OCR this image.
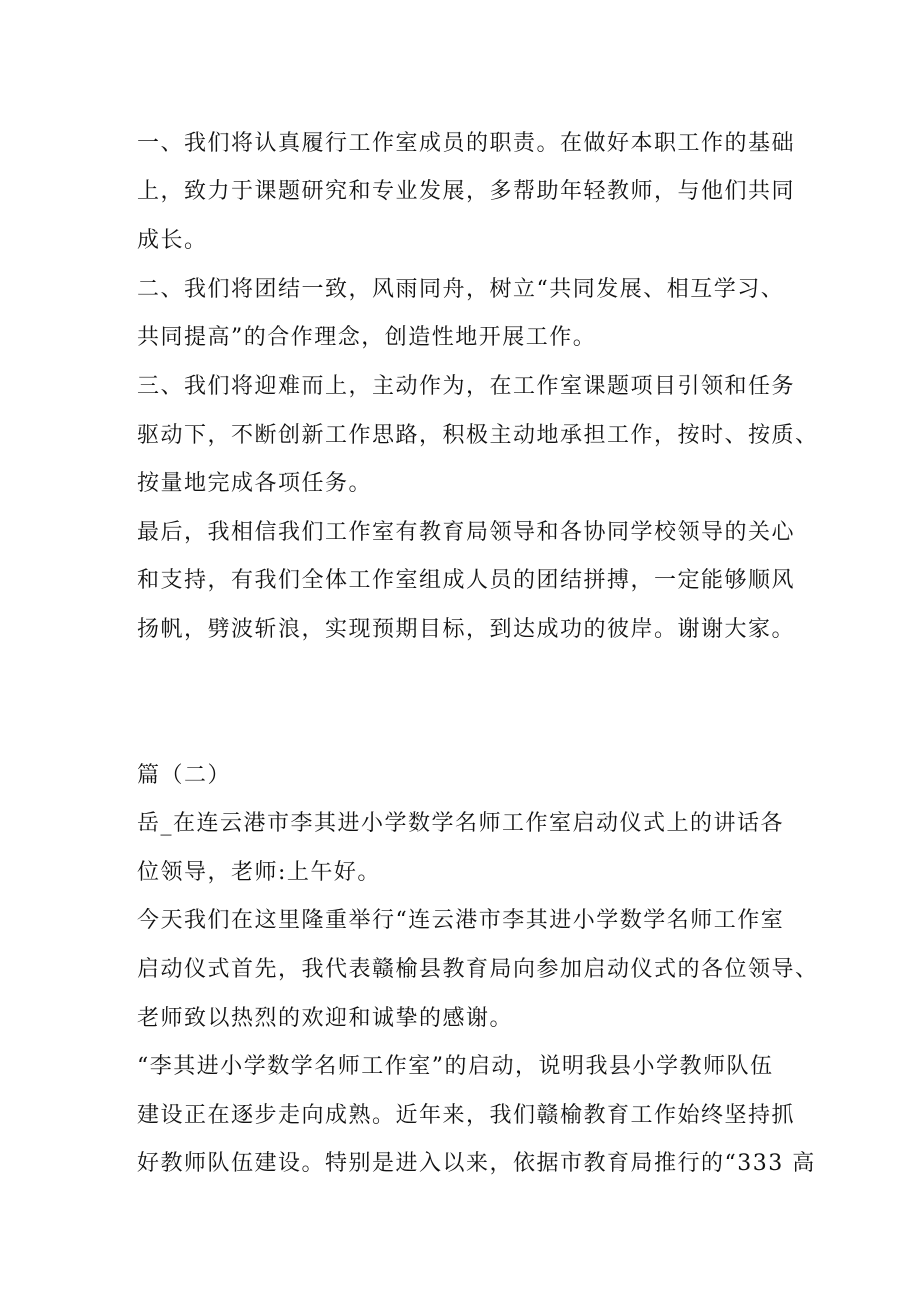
一、我们将认真履行工作室成员的职责。在做好本职工作的基础
上，致力于课题研究和专业发展，多帮助年轻教师，与他们共同
成长。
二、我们将团结一致，风雨同舟，树立“共同发展、相互学习、
共同提高”的合作理念，创造性地开展工作。
三、我们将迎难而上，主动作为，在工作室课题项目引领和任务
驱动下，不断创新工作思路，积极主动地承担工作，按时、按质、
按量地完成各项任务。
最后，我相信我们工作室有教育局领导和各协同学校领导的关心
和支持，有我们全体工作室组成人员的团结拼搏，一定能够顺风
扬帆，劈波斩浪，实现预期目标，到达成功的彼岸。谢谢大家。
篇（二）
岳_在连云港市李其进小学数学名师工作室启动仪式上的讲话各
位领导，老师:上午好。
今天我们在这里隆重举行“连云港市李其进小学数学名师工作室
启动仪式首先，我代表赣榆县教育局向参加启动仪式的各位领导、
老师致以热烈的欢迎和诚挚的感谢。
“李其进小学数学名师工作室”的启动，说明我县小学教师队伍
建设正在逐步走向成熟。近年来，我们赣榆教育工作始终坚持抓
好教师队伍建设。特别是进入以来，依据市教育局推行的“333 高
